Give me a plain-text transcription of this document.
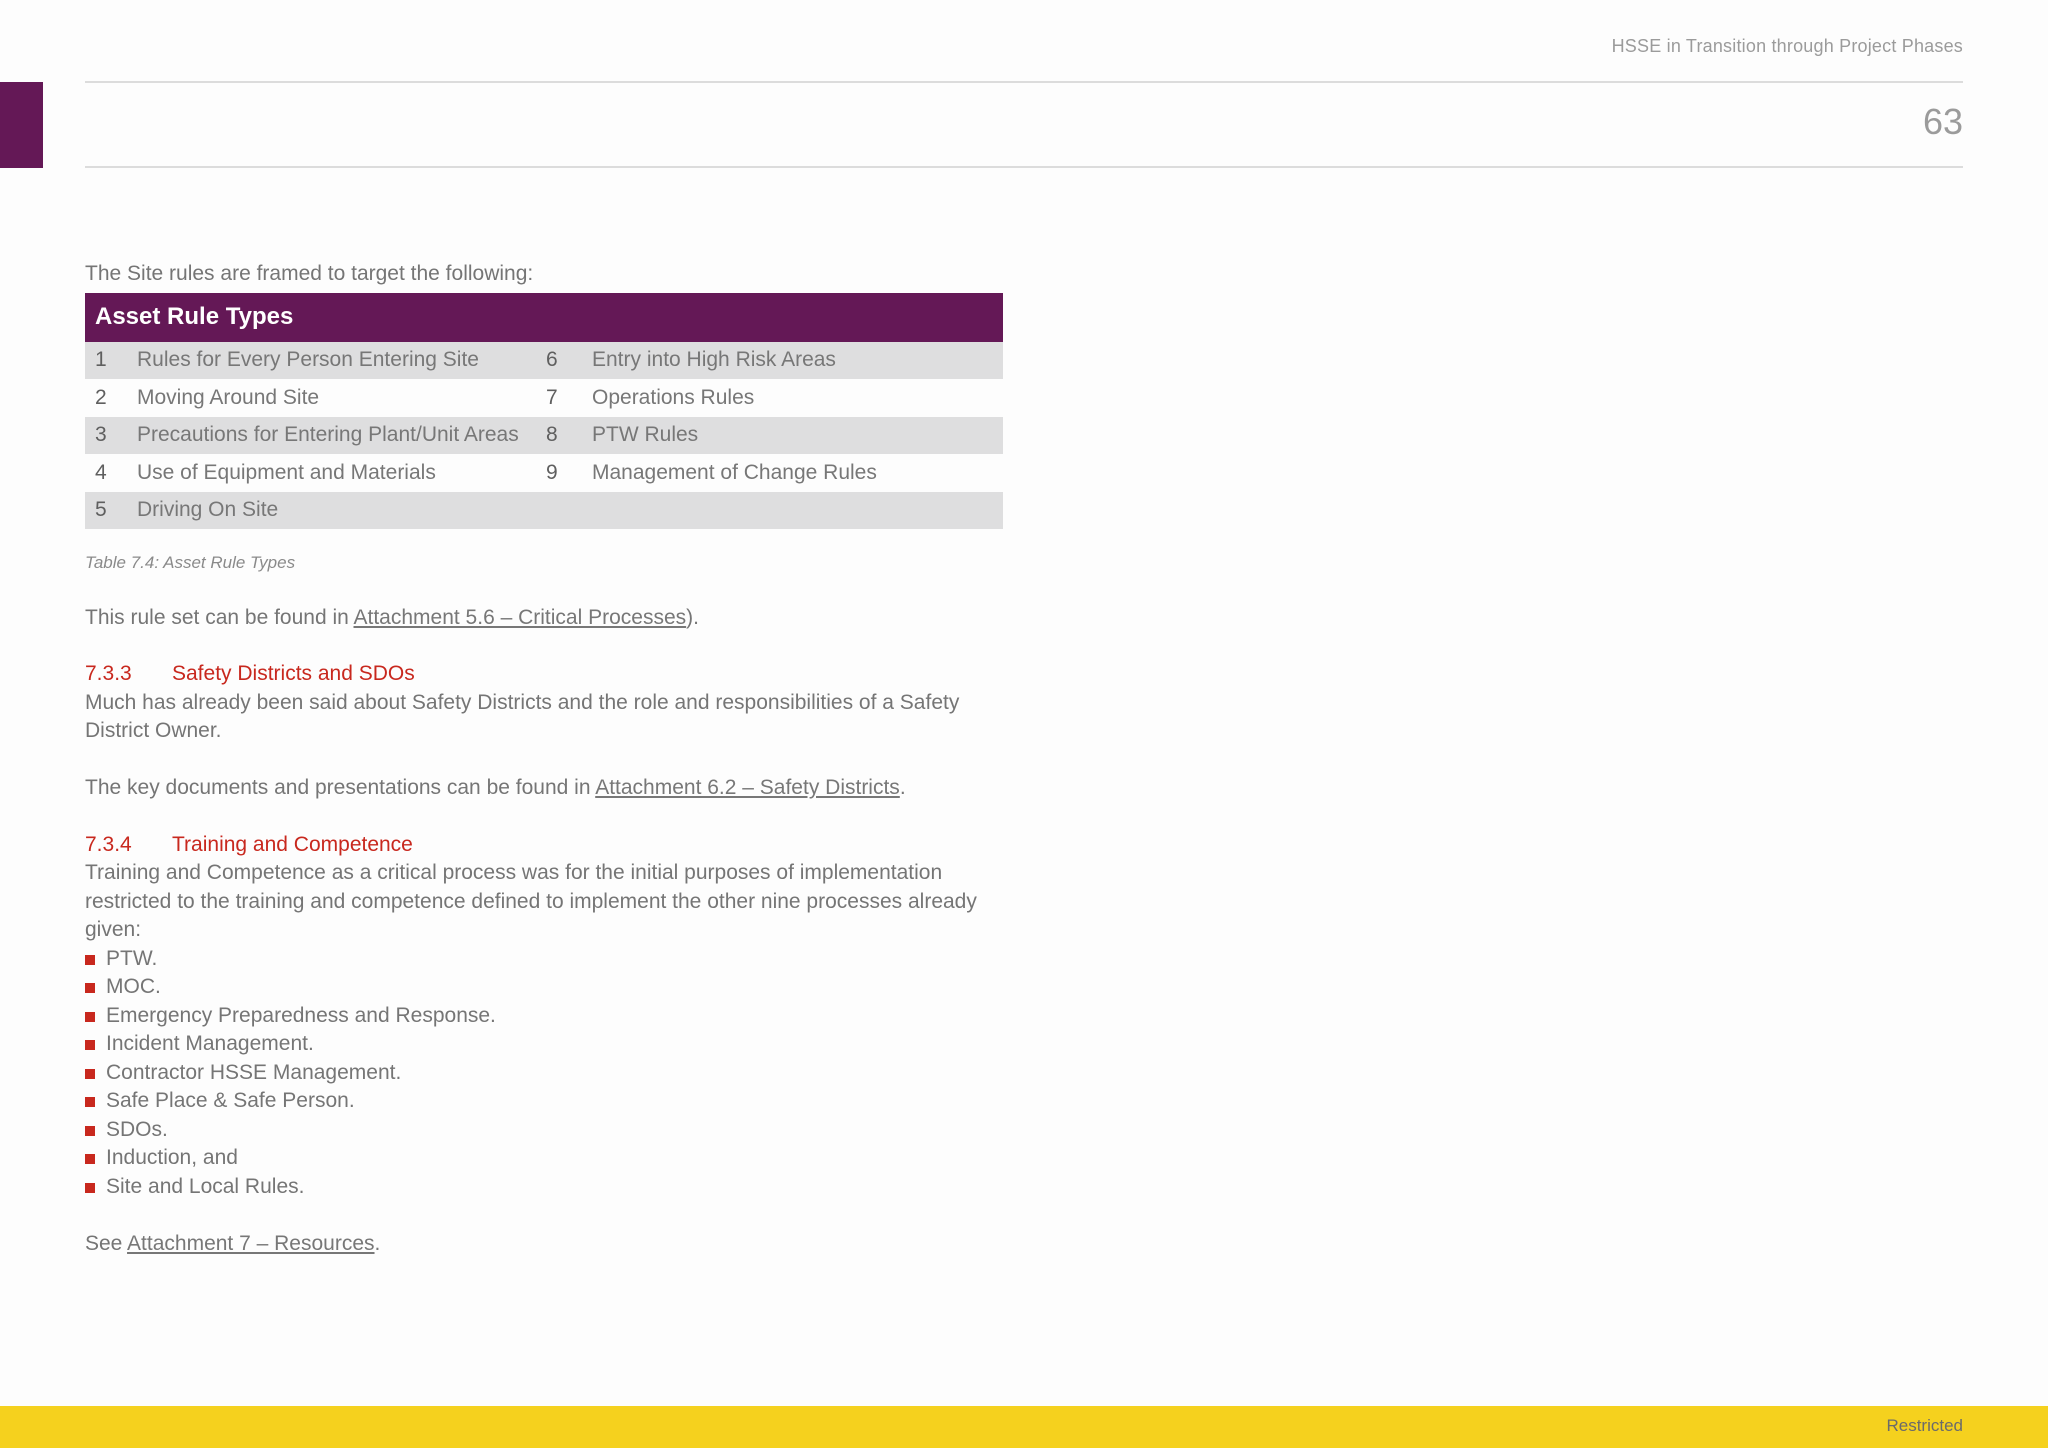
HSSE in Transition through Project Phases
63

The Site rules are framed to target the following:

Asset Rule Types			
1	Rules for Every Person Entering Site	6	Entry into High Risk Areas
2	Moving Around Site	7	Operations Rules
3	Precautions for Entering Plant/Unit Areas	8	PTW Rules
4	Use of Equipment and Materials	9	Management of Change Rules
5	Driving On Site		

Table 7.4: Asset Rule Types

This rule set can be found in Attachment 5.6 – Critical Processes).

7.3.3 Safety Districts and SDOs

Much has already been said about Safety Districts and the role and responsibilities of a Safety District Owner.

The key documents and presentations can be found in Attachment 6.2 – Safety Districts.

7.3.4 Training and Competence

Training and Competence as a critical process was for the initial purposes of implementation restricted to the training and competence defined to implement the other nine processes already given:

PTW.
MOC.
Emergency Preparedness and Response.
Incident Management.
Contractor HSSE Management.
Safe Place & Safe Person.
SDOs.
Induction, and
Site and Local Rules.

See Attachment 7 – Resources.

Restricted
